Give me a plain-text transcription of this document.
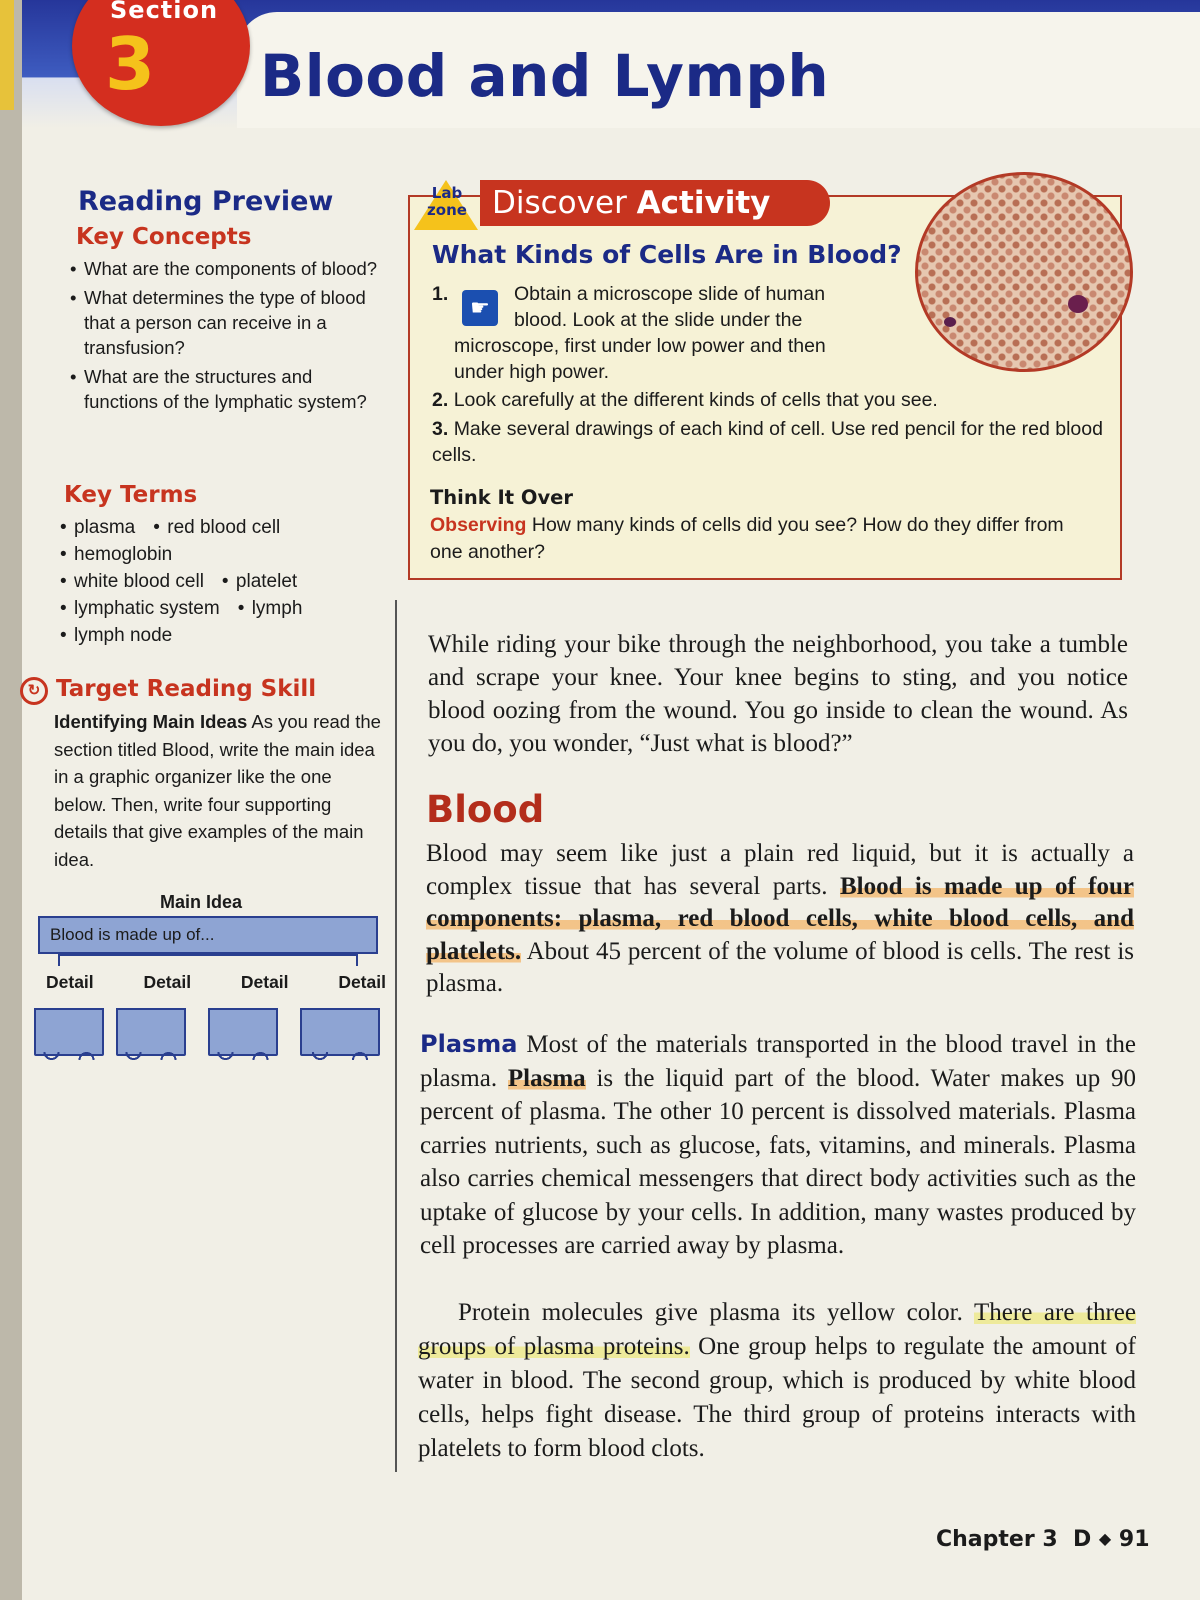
Section
3 Blood and Lymph
Reading Preview
Key Concepts
• What are the components of blood?
• What determines the type of blood that a person can receive in a transfusion?
• What are the structures and functions of the lymphatic system?
Key Terms
• plasma	• red blood cell
• hemoglobin
• white blood cell	• platelet
• lymphatic system	• lymph
• lymph node
↻ Target Reading Skill
Identifying Main Ideas As you read the section titled Blood, write the main idea in a graphic organizer like the one below. Then, write four supporting details that give examples of the main idea.
Main Idea
Blood is made up of...
Detail	Detail	Detail	Detail
Lab
zone Discover Activity
What Kinds of Cells Are in Blood?
1.
☛
Obtain a microscope slide of human
blood. Look at the slide under the
microscope, first under low power and then under high power.
2. Look carefully at the different kinds of cells that you see.
3. Make several drawings of each kind of cell. Use red pencil for the red blood cells.
Think It Over
Observing How many kinds of cells did you see? How do they differ from one another?
While riding your bike through the neighborhood, you take a tumble and scrape your knee. Your knee begins to sting, and you notice blood oozing from the wound. You go inside to clean the wound. As you do, you wonder, “Just what is blood?”
Blood
Blood may seem like just a plain red liquid, but it is actually a complex tissue that has several parts. Blood is made up of four components: plasma, red blood cells, white blood cells, and platelets. About 45 percent of the volume of blood is cells. The rest is plasma.
Plasma Most of the materials transported in the blood travel in the plasma. Plasma is the liquid part of the blood. Water makes up 90 percent of plasma. The other 10 percent is dissolved materials. Plasma carries nutrients, such as glucose, fats, vitamins, and minerals. Plasma also carries chemical messengers that direct body activities such as the uptake of glucose by your cells. In addition, many wastes produced by cell processes are carried away by plasma.
Protein molecules give plasma its yellow color. There are three groups of plasma proteins. One group helps to regulate the amount of water in blood. The second group, which is produced by white blood cells, helps fight disease. The third group of proteins interacts with platelets to form blood clots.
Chapter 3 D ◆ 91
